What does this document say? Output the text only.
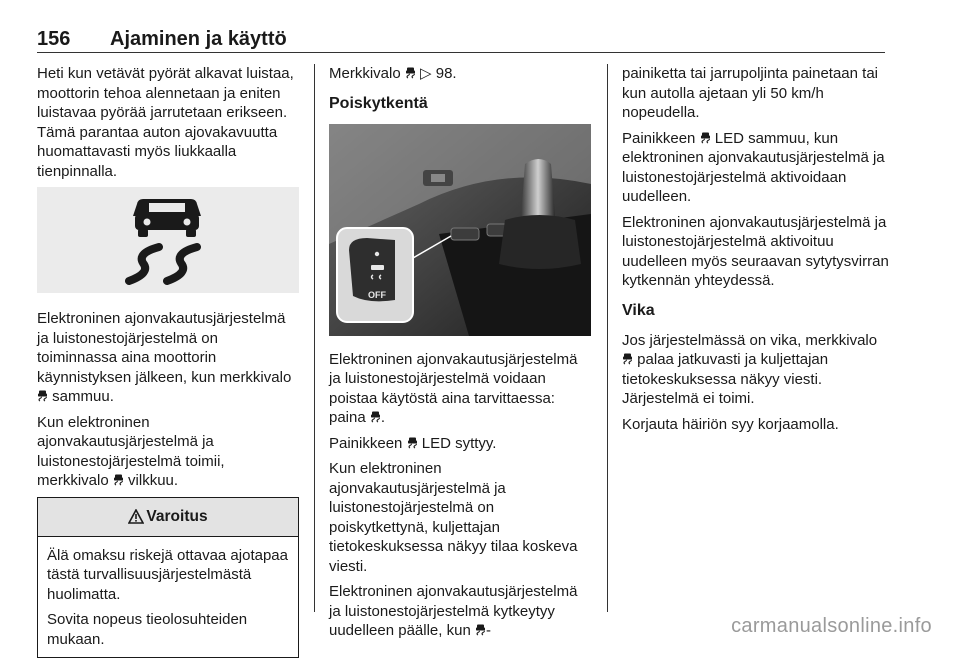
156 Ajaminen ja käyttö

Heti kun vetävät pyörät alkavat luistaa, moottorin tehoa alennetaan ja eniten luistavaa pyörää jarrutetaan erikseen. Tämä parantaa auton ajovakavuutta huomattavasti myös liukkaalla tienpinnalla.

Elektroninen ajonvakautusjärjestelmä ja luistonestojärjestelmä on toiminnassa aina moottorin käynnistyksen jälkeen, kun merkkivalo  sammuu.

Kun elektroninen ajonvakautusjärjestelmä ja luistonestojärjestelmä toimii, merkkivalo vilkkuu.

Varoitus

Älä omaksu riskejä ottavaa ajotapaa tästä turvallisuusjärjestelmästä huolimatta.

Sovita nopeus tieolosuhteiden mukaan.

Merkkivalo ▷ 98.

Poiskytkentä
OFF

Elektroninen ajonvakautusjärjestelmä ja luistonestojärjestelmä voidaan poistaa käytöstä aina tarvittaessa: paina .

Painikkeen LED syttyy.

Kun elektroninen ajonvakautusjärjestelmä ja luistonestojärjestelmä on poiskytkettynä, kuljettajan tietokeskuksessa näkyy tilaa koskeva viesti.

Elektroninen ajonvakautusjärjestelmä ja luistonestojärjestelmä kytkeytyy uudelleen päälle, kun -

painiketta tai jarrupoljinta painetaan tai kun autolla ajetaan yli 50 km/h nopeudella.

Painikkeen LED sammuu, kun elektroninen ajonvakautusjärjestelmä ja luistonestojärjestelmä aktivoidaan uudelleen.

Elektroninen ajonvakautusjärjestelmä ja luistonestojärjestelmä aktivoituu uudelleen myös seuraavan sytytysvirran kytkennän yhteydessä.

Vika

Jos järjestelmässä on vika, merkkivalo  palaa jatkuvasti ja kuljettajan tietokeskuksessa näkyy viesti. Järjestelmä ei toimi.

Korjauta häiriön syy korjaamolla.

carmanualsonline.info
